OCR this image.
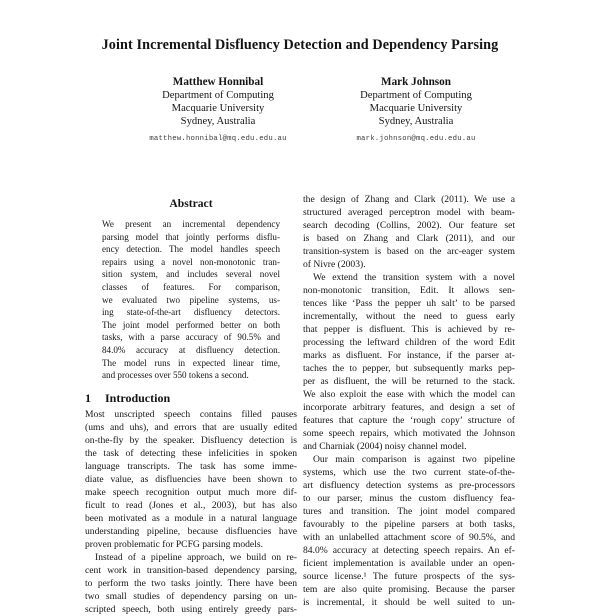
Joint Incremental Disfluency Detection and Dependency Parsing
Matthew Honnibal
Department of Computing
Macquarie University
Sydney, Australia
matthew.honnibal@mq.edu.edu.au
Mark Johnson
Department of Computing
Macquarie University
Sydney, Australia
mark.johnson@mq.edu.edu.au
Abstract
We present an incremental dependency
parsing model that jointly performs disflu-
ency detection. The model handles speech
repairs using a novel non-monotonic tran-
sition system, and includes several novel
classes of features. For comparison,
we evaluated two pipeline systems, us-
ing state-of-the-art disfluency detectors.
The joint model performed better on both
tasks, with a parse accuracy of 90.5% and
84.0% accuracy at disfluency detection.
The model runs in expected linear time,
and processes over 550 tokens a second.
1 Introduction
Most unscripted speech contains filled pauses
(ums and uhs), and errors that are usually edited
on-the-fly by the speaker. Disfluency detection is
the task of detecting these infelicities in spoken
language transcripts. The task has some imme-
diate value, as disfluencies have been shown to
make speech recognition output much more dif-
ficult to read (Jones et al., 2003), but has also
been motivated as a module in a natural language
understanding pipeline, because disfluencies have
proven problematic for PCFG parsing models.
Instead of a pipeline approach, we build on re-
cent work in transition-based dependency parsing,
to perform the two tasks jointly. There have been
two small studies of dependency parsing on un-
scripted speech, both using entirely greedy pars-
the design of Zhang and Clark (2011). We use a
structured averaged perceptron model with beam-
search decoding (Collins, 2002). Our feature set
is based on Zhang and Clark (2011), and our
transition-system is based on the arc-eager system
of Nivre (2003).
We extend the transition system with a novel
non-monotonic transition, Edit. It allows sen-
tences like ‘Pass the pepper uh salt’ to be parsed
incrementally, without the need to guess early
that pepper is disfluent. This is achieved by re-
processing the leftward children of the word Edit
marks as disfluent. For instance, if the parser at-
taches the to pepper, but subsequently marks pep-
per as disfluent, the will be returned to the stack.
We also exploit the ease with which the model can
incorporate arbitrary features, and design a set of
features that capture the ‘rough copy’ structure of
some speech repairs, which motivated the Johnson
and Charniak (2004) noisy channel model.
Our main comparison is against two pipeline
systems, which use the two current state-of-the-
art disfluency detection systems as pre-processors
to our parser, minus the custom disfluency fea-
tures and transition. The joint model compared
favourably to the pipeline parsers at both tasks,
with an unlabelled attachment score of 90.5%, and
84.0% accuracy at detecting speech repairs. An ef-
ficient implementation is available under an open-
source license.¹ The future prospects of the sys-
tem are also quite promising. Because the parser
is incremental, it should be well suited to un-
